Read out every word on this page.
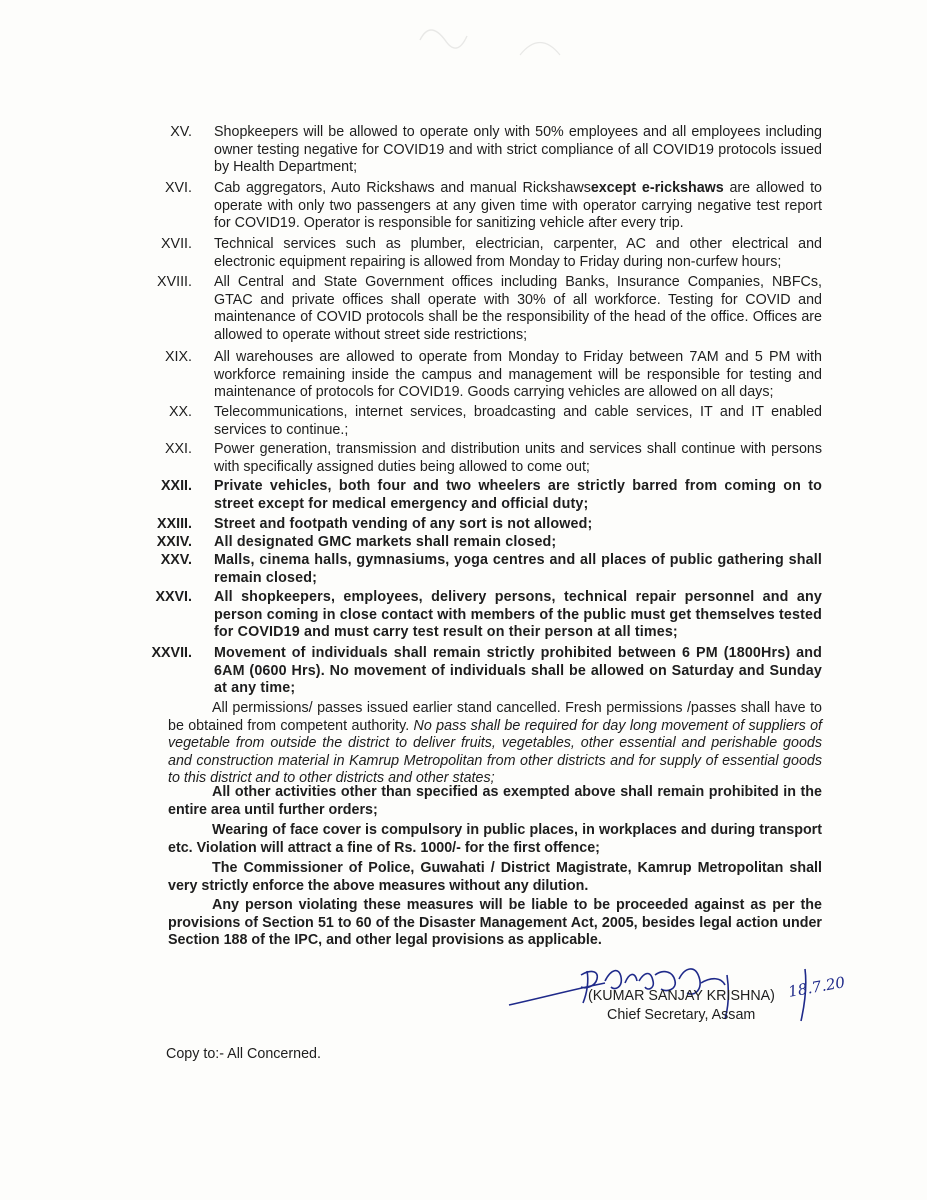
XV. Shopkeepers will be allowed to operate only with 50% employees and all employees including owner testing negative for COVID19 and with strict compliance of all COVID19 protocols issued by Health Department;
XVI. Cab aggregators, Auto Rickshaws and manual Rickshawsexcept e-rickshaws are allowed to operate with only two passengers at any given time with operator carrying negative test report for COVID19. Operator is responsible for sanitizing vehicle after every trip.
XVII. Technical services such as plumber, electrician, carpenter, AC and other electrical and electronic equipment repairing is allowed from Monday to Friday during non-curfew hours;
XVIII. All Central and State Government offices including Banks, Insurance Companies, NBFCs, GTAC and private offices shall operate with 30% of all workforce. Testing for COVID and maintenance of COVID protocols shall be the responsibility of the head of the office. Offices are allowed to operate without street side restrictions;
XIX. All warehouses are allowed to operate from Monday to Friday between 7AM and 5 PM with workforce remaining inside the campus and management will be responsible for testing and maintenance of protocols for COVID19. Goods carrying vehicles are allowed on all days;
XX. Telecommunications, internet services, broadcasting and cable services, IT and IT enabled services to continue.;
XXI. Power generation, transmission and distribution units and services shall continue with persons with specifically assigned duties being allowed to come out;
XXII. Private vehicles, both four and two wheelers are strictly barred from coming on to street except for medical emergency and official duty;
XXIII. Street and footpath vending of any sort is not allowed;
XXIV. All designated GMC markets shall remain closed;
XXV. Malls, cinema halls, gymnasiums, yoga centres and all places of public gathering shall remain closed;
XXVI. All shopkeepers, employees, delivery persons, technical repair personnel and any person coming in close contact with members of the public must get themselves tested for COVID19 and must carry test result on their person at all times;
XXVII. Movement of individuals shall remain strictly prohibited between 6 PM (1800Hrs) and 6AM (0600 Hrs). No movement of individuals shall be allowed on Saturday and Sunday at any time;
All permissions/ passes issued earlier stand cancelled. Fresh permissions /passes shall have to be obtained from competent authority. No pass shall be required for day long movement of suppliers of vegetable from outside the district to deliver fruits, vegetables, other essential and perishable goods and construction material in Kamrup Metropolitan from other districts and for supply of essential goods to this district and to other districts and other states;
All other activities other than specified as exempted above shall remain prohibited in the entire area until further orders;
Wearing of face cover is compulsory in public places, in workplaces and during transport etc. Violation will attract a fine of Rs. 1000/- for the first offence;
The Commissioner of Police, Guwahati / District Magistrate, Kamrup Metropolitan shall very strictly enforce the above measures without any dilution.
Any person violating these measures will be liable to be proceeded against as per the provisions of Section 51 to 60 of the Disaster Management Act, 2005, besides legal action under Section 188 of the IPC, and other legal provisions as applicable.
18.7.20
(KUMAR SANJAY KRISHNA)
Chief Secretary, Assam
Copy to:- All Concerned.
